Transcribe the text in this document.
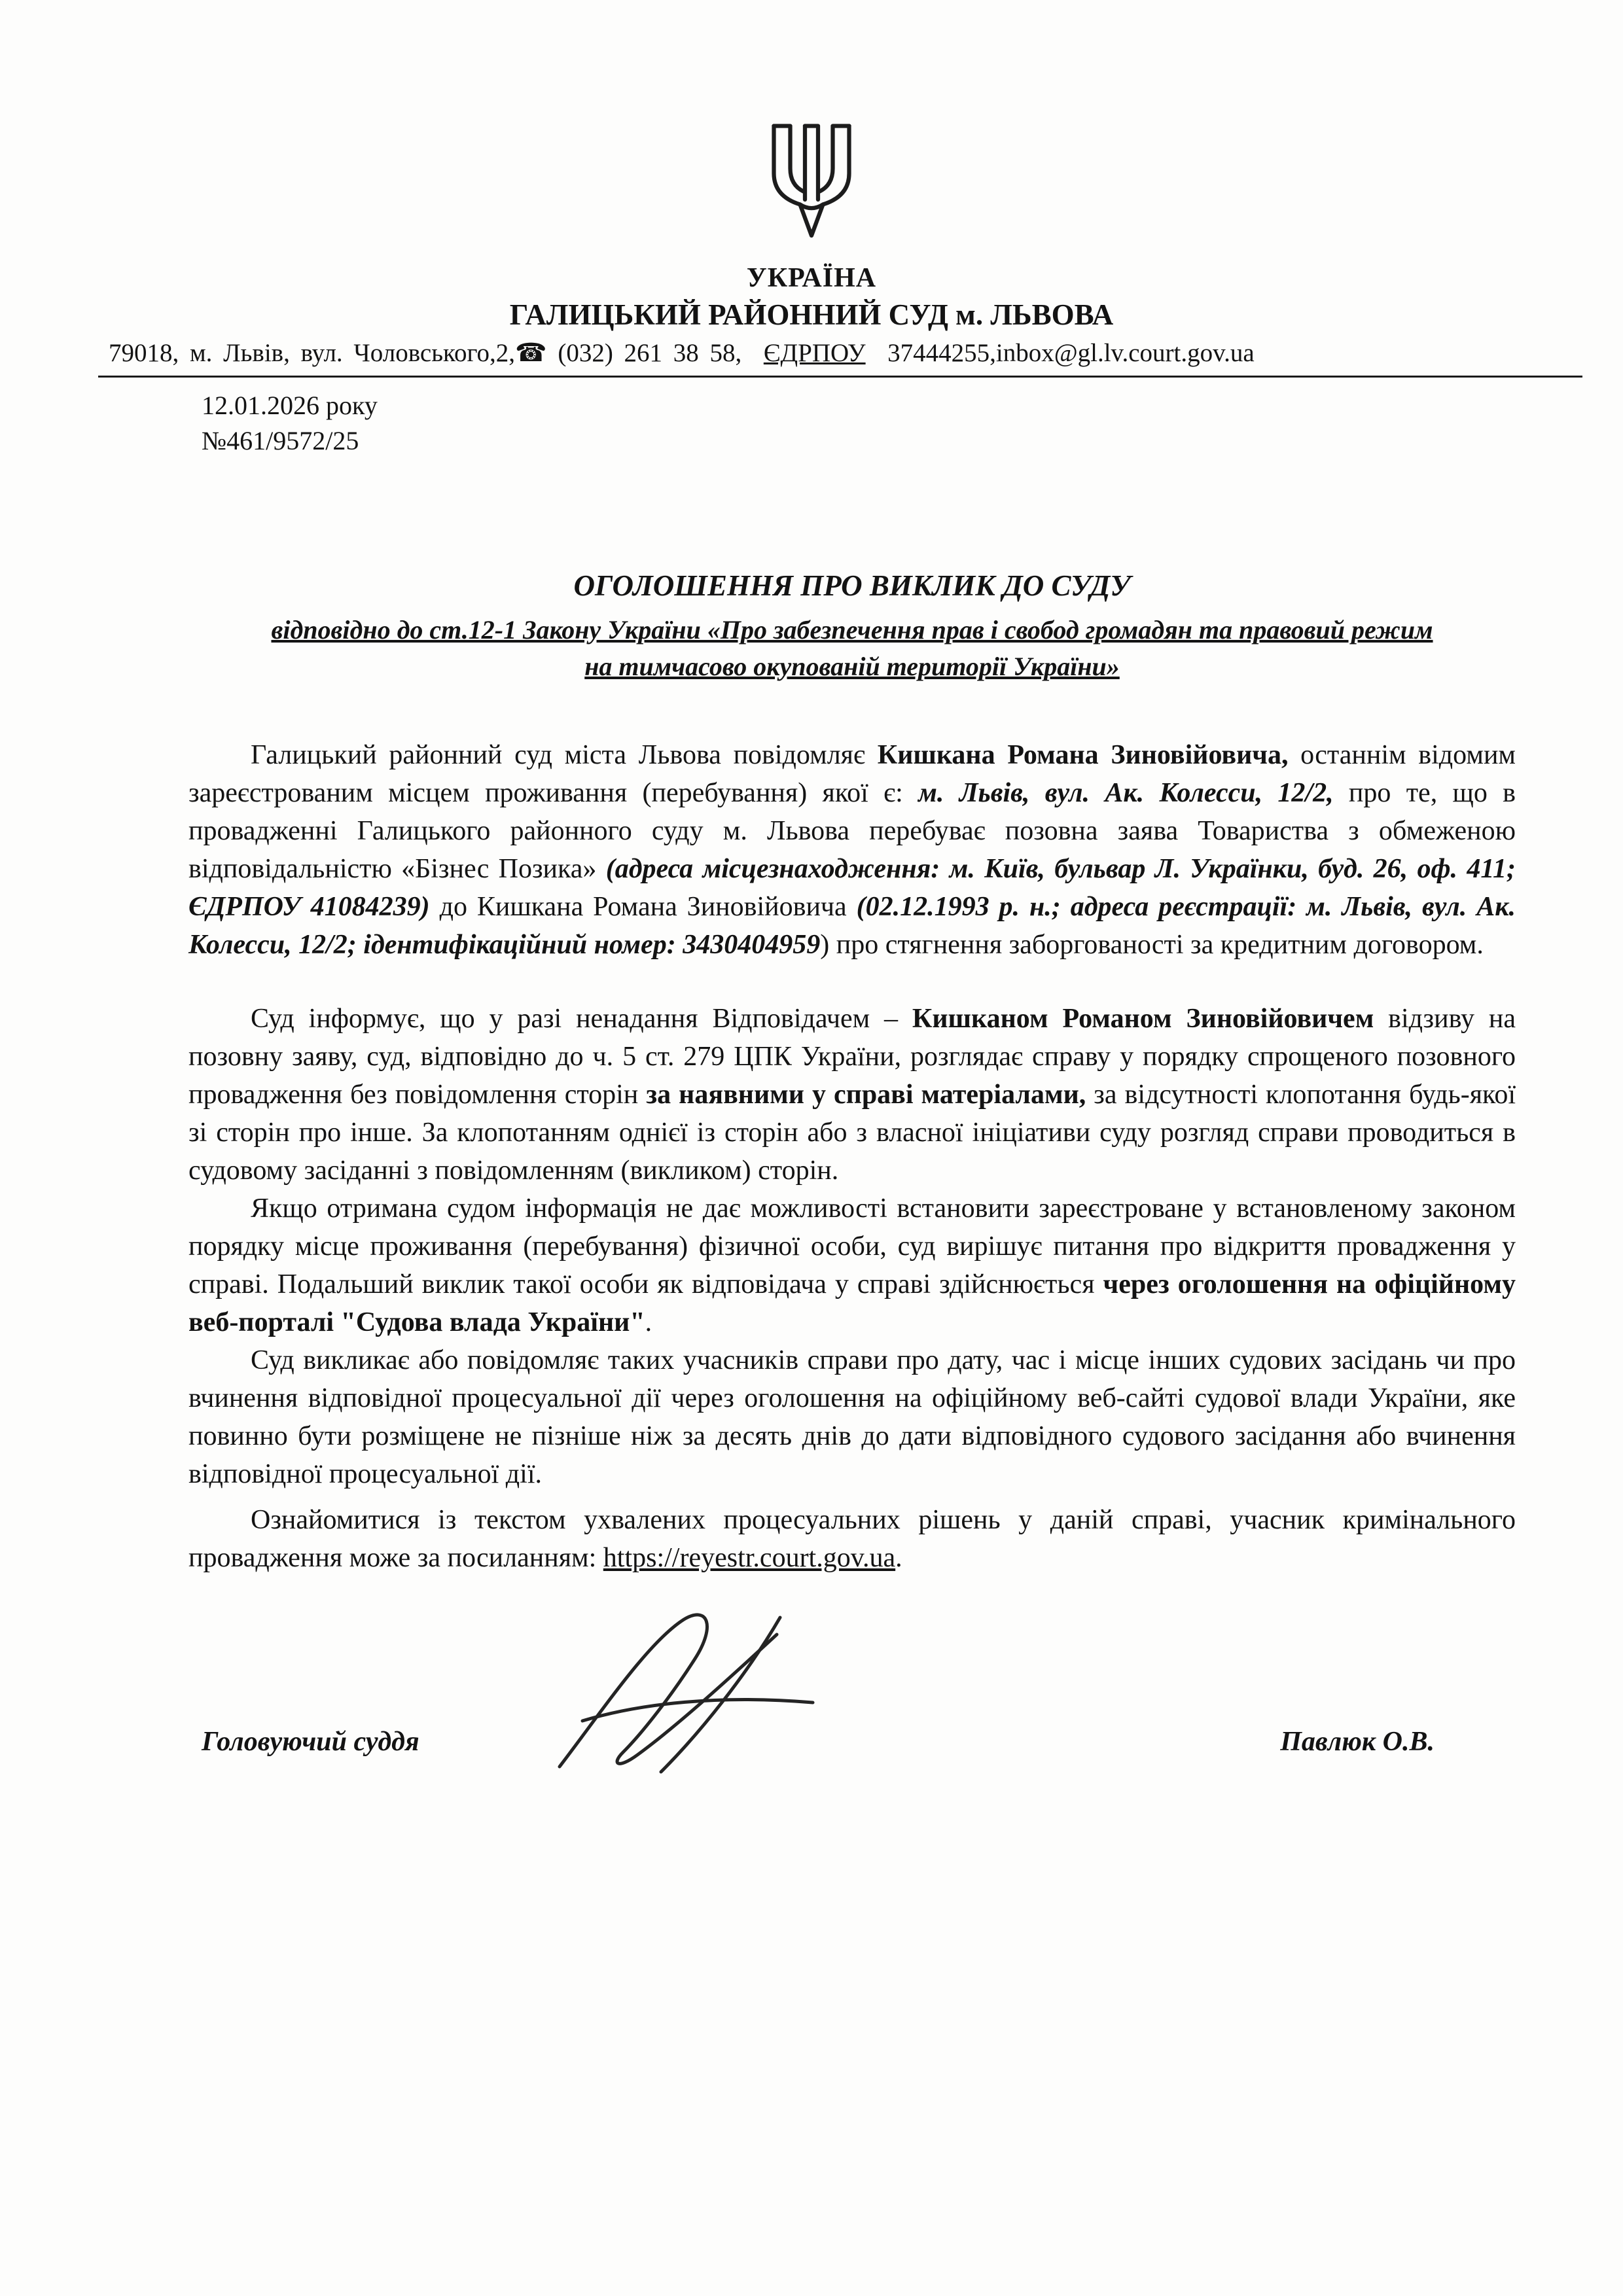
УКРАЇНА
ГАЛИЦЬКИЙ РАЙОННИЙ СУД м. ЛЬВОВА
79018, м. Львів, вул. Чоловського,2,☎ (032) 261 38 58, ЄДРПОУ 37444255,inbox@gl.lv.court.gov.ua
12.01.2026 року
№461/9572/25
ОГОЛОШЕННЯ ПРО ВИКЛИК ДО СУДУ
відповідно до ст.12-1 Закону України «Про забезпечення прав і свобод громадян та правовий режим
на тимчасово окупованій території України»

Галицький районний суд міста Львова повідомляє Кишкана Романа Зиновійовича, останнім відомим зареєстрованим місцем проживання (перебування) якої є: м. Львів, вул. Ак. Колесси, 12/2, про те, що в провадженні Галицького районного суду м. Львова перебуває позовна заява Товариства з обмеженою відповідальністю «Бізнес Позика» (адреса місцезнаходження: м. Київ, бульвар Л. Українки, буд. 26, оф. 411; ЄДРПОУ 41084239) до Кишкана Романа Зиновійовича (02.12.1993 р. н.; адреса реєстрації: м. Львів, вул. Ак. Колесси, 12/2; ідентифікаційний номер: 3430404959) про стягнення заборгованості за кредитним договором.

Суд інформує, що у разі ненадання Відповідачем – Кишканом Романом Зиновійовичем відзиву на позовну заяву, суд, відповідно до ч. 5 ст. 279 ЦПК України, розглядає справу у порядку спрощеного позовного провадження без повідомлення сторін за наявними у справі матеріалами, за відсутності клопотання будь-якої зі сторін про інше. За клопотанням однієї із сторін або з власної ініціативи суду розгляд справи проводиться в судовому засіданні з повідомленням (викликом) сторін.

Якщо отримана судом інформація не дає можливості встановити зареєстроване у встановленому законом порядку місце проживання (перебування) фізичної особи, суд вирішує питання про відкриття провадження у справі. Подальший виклик такої особи як відповідача у справі здійснюється через оголошення на офіційному веб-порталі "Судова влада України".

Суд викликає або повідомляє таких учасників справи про дату, час і місце інших судових засідань чи про вчинення відповідної процесуальної дії через оголошення на офіційному веб-сайті судової влади України, яке повинно бути розміщене не пізніше ніж за десять днів до дати відповідного судового засідання або вчинення відповідної процесуальної дії.

Ознайомитися із текстом ухвалених процесуальних рішень у даній справі, учасник кримінального провадження може за посиланням: https://reyestr.court.gov.ua.

Головуючий суддя	Павлюк О.В.
